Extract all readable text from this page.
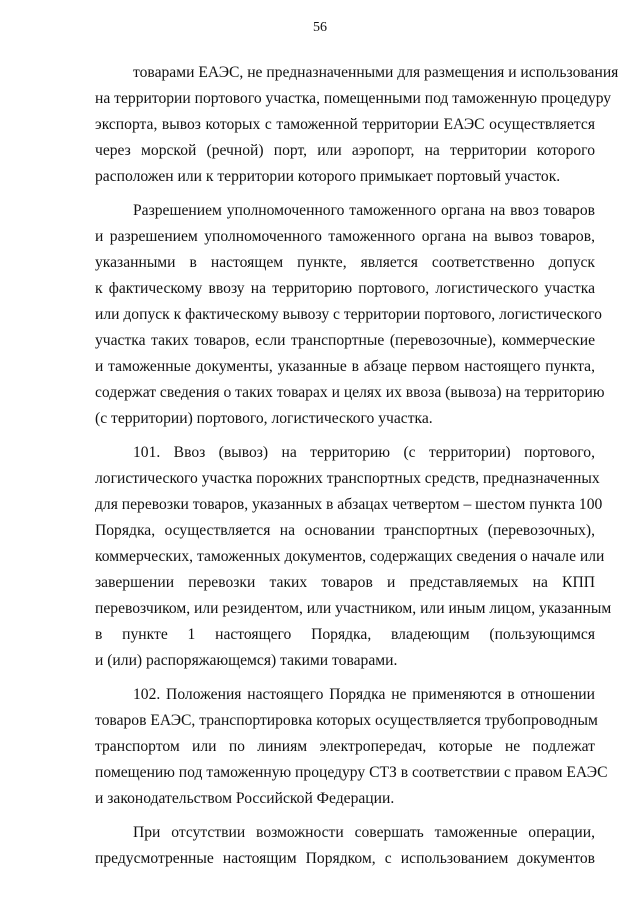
56
товарами ЕАЭС, не предназначенными для размещения и использования
на территории портового участка, помещенными под таможенную процедуру
экспорта, вывоз которых с таможенной территории ЕАЭС осуществляется
через морской (речной) порт, или аэропорт, на территории которого
расположен или к территории которого примыкает портовый участок.
Разрешением уполномоченного таможенного органа на ввоз товаров
и разрешением уполномоченного таможенного органа на вывоз товаров,
указанными в настоящем пункте, является соответственно допуск
к фактическому ввозу на территорию портового, логистического участка
или допуск к фактическому вывозу с территории портового, логистического
участка таких товаров, если транспортные (перевозочные), коммерческие
и таможенные документы, указанные в абзаце первом настоящего пункта,
содержат сведения о таких товарах и целях их ввоза (вывоза) на территорию
(с территории) портового, логистического участка.
101. Ввоз (вывоз) на территорию (с территории) портового,
логистического участка порожних транспортных средств, предназначенных
для перевозки товаров, указанных в абзацах четвертом – шестом пункта 100
Порядка, осуществляется на основании транспортных (перевозочных),
коммерческих, таможенных документов, содержащих сведения о начале или
завершении перевозки таких товаров и представляемых на КПП
перевозчиком, или резидентом, или участником, или иным лицом, указанным
в пункте 1 настоящего Порядка, владеющим (пользующимся
и (или) распоряжающемся) такими товарами.
102. Положения настоящего Порядка не применяются в отношении
товаров ЕАЭС, транспортировка которых осуществляется трубопроводным
транспортом или по линиям электропередач, которые не подлежат
помещению под таможенную процедуру СТЗ в соответствии с правом ЕАЭС
и законодательством Российской Федерации.
При отсутствии возможности совершать таможенные операции,
предусмотренные настоящим Порядком, с использованием документов
